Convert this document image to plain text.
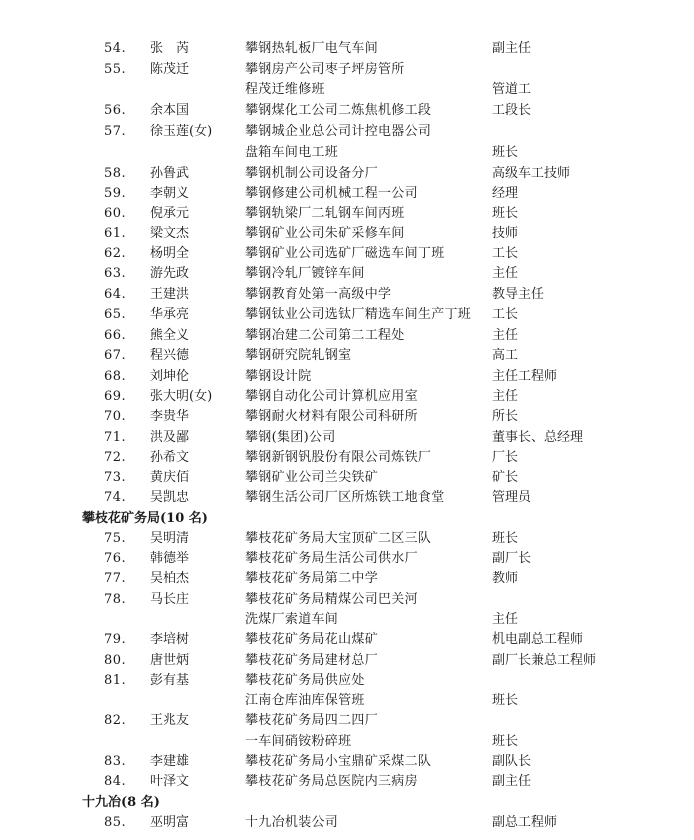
54.	张　芮	攀钢热轧板厂电气车间	副主任
55.	陈茂迁	攀钢房产公司枣子坪房管所
程茂迁维修班	管道工
56.	余本国	攀钢煤化工公司二炼焦机修工段	工段长
57.	徐玉莲(女)	攀钢城企业总公司计控电器公司
盘箱车间电工班	班长
58.	孙鲁武	攀钢机制公司设备分厂	高级车工技师
59.	李朝义	攀钢修建公司机械工程一公司	经理
60.	倪承元	攀钢轨梁厂二轧钢车间丙班	班长
61.	梁文杰	攀钢矿业公司朱矿采修车间	技师
62.	杨明全	攀钢矿业公司选矿厂磁选车间丁班	工长
63.	游先政	攀钢冷轧厂镀锌车间	主任
64.	王建洪	攀钢教育处第一高级中学	教导主任
65.	华承亮	攀钢钛业公司选钛厂精选车间生产丁班 工长
66.	熊全义	攀钢冶建二公司第二工程处	主任
67.	程兴德	攀钢研究院轧钢室	高工
68.	刘坤伦	攀钢设计院	主任工程师
69.	张大明(女)	攀钢自动化公司计算机应用室	主任
70.	李贵华	攀钢耐火材料有限公司科研所	所长
71.	洪及鄙	攀钢(集团)公司	董事长、总经理
72.	孙希文	攀钢新钢钒股份有限公司炼铁厂	厂长
73.	黄庆佰	攀钢矿业公司兰尖铁矿	矿长
74.	吴凯忠	攀钢生活公司厂区所炼铁工地食堂	管理员
攀枝花矿务局(10 名)
75.	吴明清	攀枝花矿务局大宝顶矿二区三队	班长
76.	韩德举	攀枝花矿务局生活公司供水厂	副厂长
77.	吴柏杰	攀枝花矿务局第二中学	教师
78.	马长庄	攀枝花矿务局精煤公司巴关河
洗煤厂索道车间	主任
79.	李培树	攀枝花矿务局花山煤矿	机电副总工程师
80.	唐世炳	攀枝花矿务局建材总厂	副厂长兼总工程师
81.	彭有基	攀枝花矿务局供应处
江南仓库油库保管班	班长
82.	王兆友	攀枝花矿务局四二四厂
一车间硝铵粉碎班	班长
83.	李建雄	攀枝花矿务局小宝鼎矿采煤二队	副队长
84.	叶泽文	攀枝花矿务局总医院内三病房	副主任
十九冶(8 名)
85.	巫明富	十九冶机装公司	副总工程师
